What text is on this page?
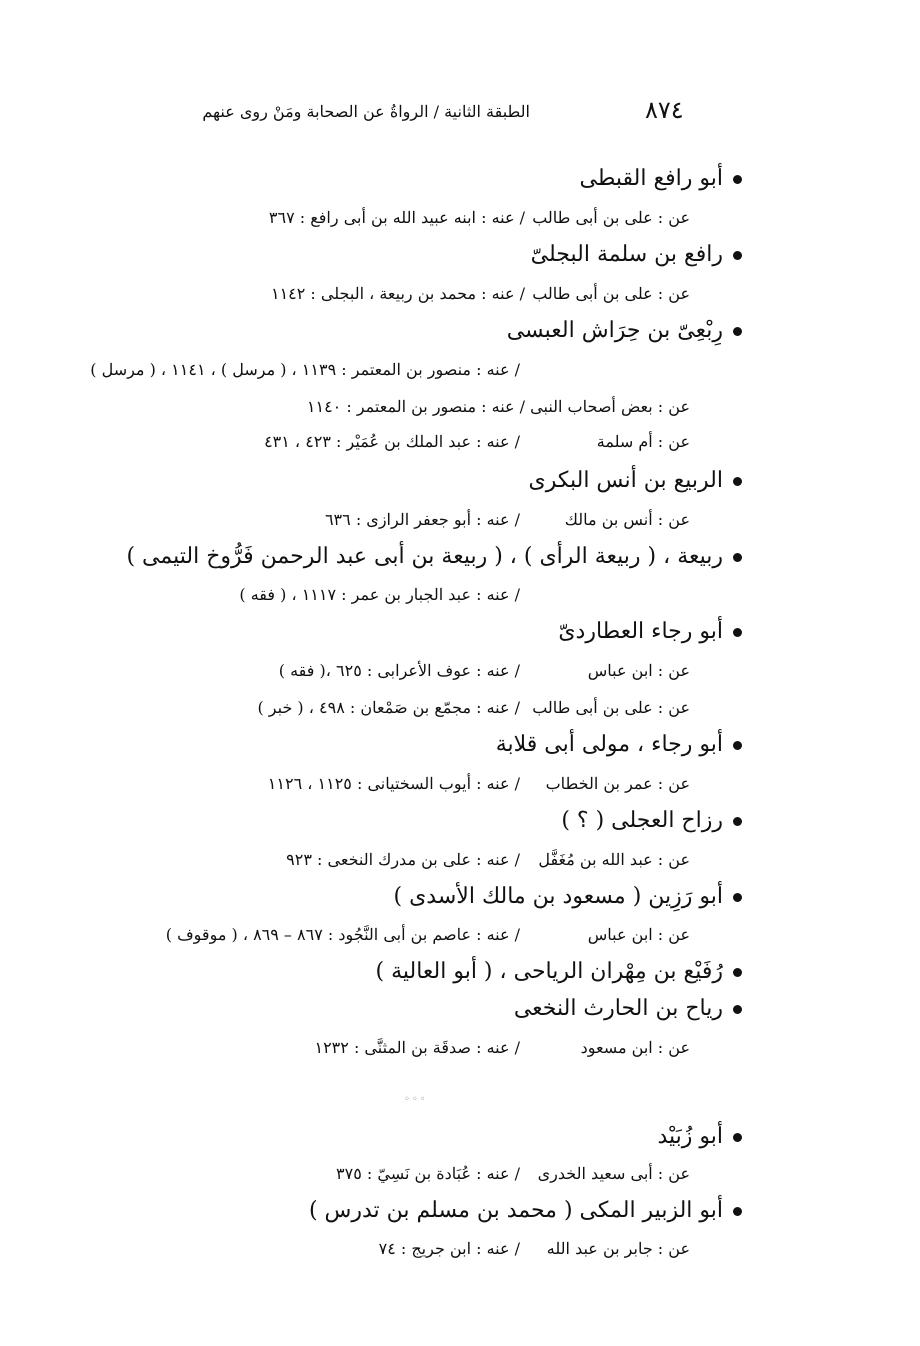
٨٧٤
الطبقة الثانية / الرواةُ عن الصحابة ومَنْ روى عنهم
أبو رافع القبطى
عن : على بن أبى طالب
/ عنه : ابنه عبيد الله بن أبى رافع : ٣٦٧
رافع بن سلمة البجلىّ
عن : على بن أبى طالب
/ عنه : محمد بن ربيعة ، البجلى : ١١٤٢
رِبْعِىّ بن حِرَاش العبسى
/ عنه : منصور بن المعتمر : ١١٣٩ ، ( مرسل ) ، ١١٤١ ، ( مرسل )
عن : بعض أصحاب النبى / عنه : منصور بن المعتمر : ١١٤٠
عن : أم سلمة
/ عنه : عبد الملك بن عُمَيْر : ٤٢٣ ، ٤٣١
الربيع بن أنس البكرى
عن : أنس بن مالك
/ عنه : أبو جعفر الرازى : ٦٣٦
ربيعة ، ( ربيعة الرأى ) ، ( ربيعة بن أبى عبد الرحمن فَرُّوخ التيمى )
/ عنه : عبد الجبار بن عمر : ١١١٧ ، ( فقه )
أبو رجاء العطاردىّ
عن : ابن عباس
/ عنه : عوف الأعرابى : ٦٢٥ ،( فقه )
عن : على بن أبى طالب
/ عنه : مجمّع بن صَمْعان : ٤٩٨ ، ( خبر )
أبو رجاء ، مولى أبى قلابة
عن : عمر بن الخطاب
/ عنه : أيوب السختيانى : ١١٢٥ ، ١١٢٦
رزاح العجلى ( ؟ )
عن : عبد الله بن مُغَفَّل
/ عنه : على بن مدرك النخعى : ٩٢٣
أبو رَزِين ( مسعود بن مالك الأسدى )
عن : ابن عباس
/ عنه : عاصم بن أبى النَّجُود : ٨٦٧ – ٨٦٩ ، ( موقوف )
رُفَيْع بن مِهْران الرياحى ، ( أبو العالية )
رياح بن الحارث النخعى
عن : ابن مسعود
/ عنه : صدقَة بن المثنَّى : ١٢٣٢
◦◦◦
أبو زُبَيْد
عن : أبى سعيد الخدرى
/ عنه : عُبَادة بن نَسِيّ : ٣٧٥
أبو الزبير المكى ( محمد بن مسلم بن تدرس )
عن : جابر بن عبد الله
/ عنه : ابن جريج : ٧٤
